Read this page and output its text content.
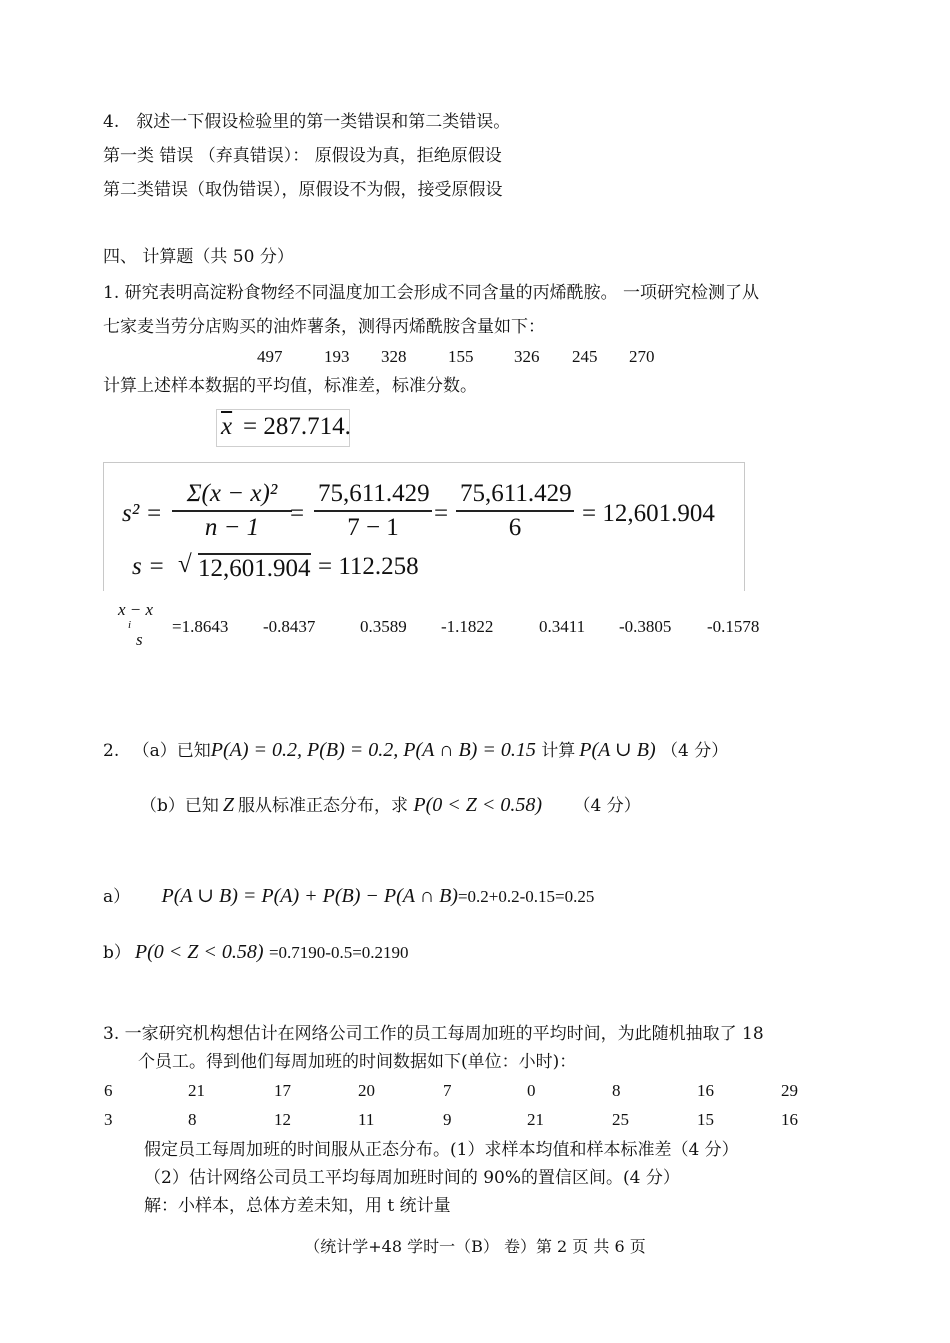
4.　叙述一下假设检验里的第一类错误和第二类错误。
第一类 错误 （弃真错误）： 原假设为真，拒绝原假设
第二类错误（取伪错误），原假设不为假，接受原假设
四、 计算题（共 50 分）
1. 研究表明高淀粉食物经不同温度加工会形成不同含量的丙烯酰胺。 一项研究检测了从
七家麦当劳分店购买的油炸薯条，测得丙烯酰胺含量如下：
497 193 328 155 326 245 270
计算上述样本数据的平均值，标准差，标准分数。
$\overline{x} = 287.714$.
$s^2 = \frac{\text{Σ(x − x)²}}{n - 1}$
= $\frac{75,611.429}{7 - 1} = \frac{75,611.429}{6} = 12,601.904$
s = √ 12,601.904 = 112.258
x − x
i
s
=1.8643 -0.8437	0.3589 -1.1822	0.3411 -0.3805 -0.1578
2. （a）已知P(A) = 0.2, P(B) = 0.2, P(A ∩ B) = 0.15 计算 P(A ∪ B) （4 分）
（b）已知 Z 服从标准正态分布，求 P(0 < Z < 0.58) （4 分）
a） P(A ∪ B) = P(A) + P(B) − P(A ∩ B)=0.2+0.2-0.15=0.25
b） P(0 < Z < 0.58) =0.7190-0.5=0.2190
3. 一家研究机构想估计在网络公司工作的员工每周加班的平均时间，为此随机抽取了 18
个员工。得到他们每周加班的时间数据如下(单位：小时)：
6	21	17	20	7	0	8	16	29
3	8	12	11	9	21	25	15	16
假定员工每周加班的时间服从正态分布。(1）求样本均值和样本标准差（4 分）
（2）估计网络公司员工平均每周加班时间的 90%的置信区间。(4 分）
解：小样本，总体方差未知，用 t 统计量
（统计学+48 学时一（B） 卷）第 2 页 共 6 页
